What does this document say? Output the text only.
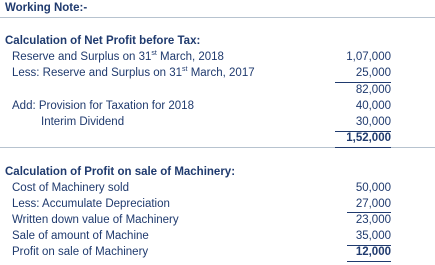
Working Note:-
Calculation of Net Profit before Tax:
Reserve and Surplus on 31st March, 2018	1,07,000
Less: Reserve and Surplus on 31st March, 2017	25,000
82,000
Add: Provision for Taxation for 2018	40,000
Interim Dividend	30,000
1,52,000
Calculation of Profit on sale of Machinery:
Cost of Machinery sold	50,000
Less: Accumulate Depreciation	27,000
Written down value of Machinery	23,000
Sale of amount of Machine	35,000
Profit on sale of Machinery	12,000
